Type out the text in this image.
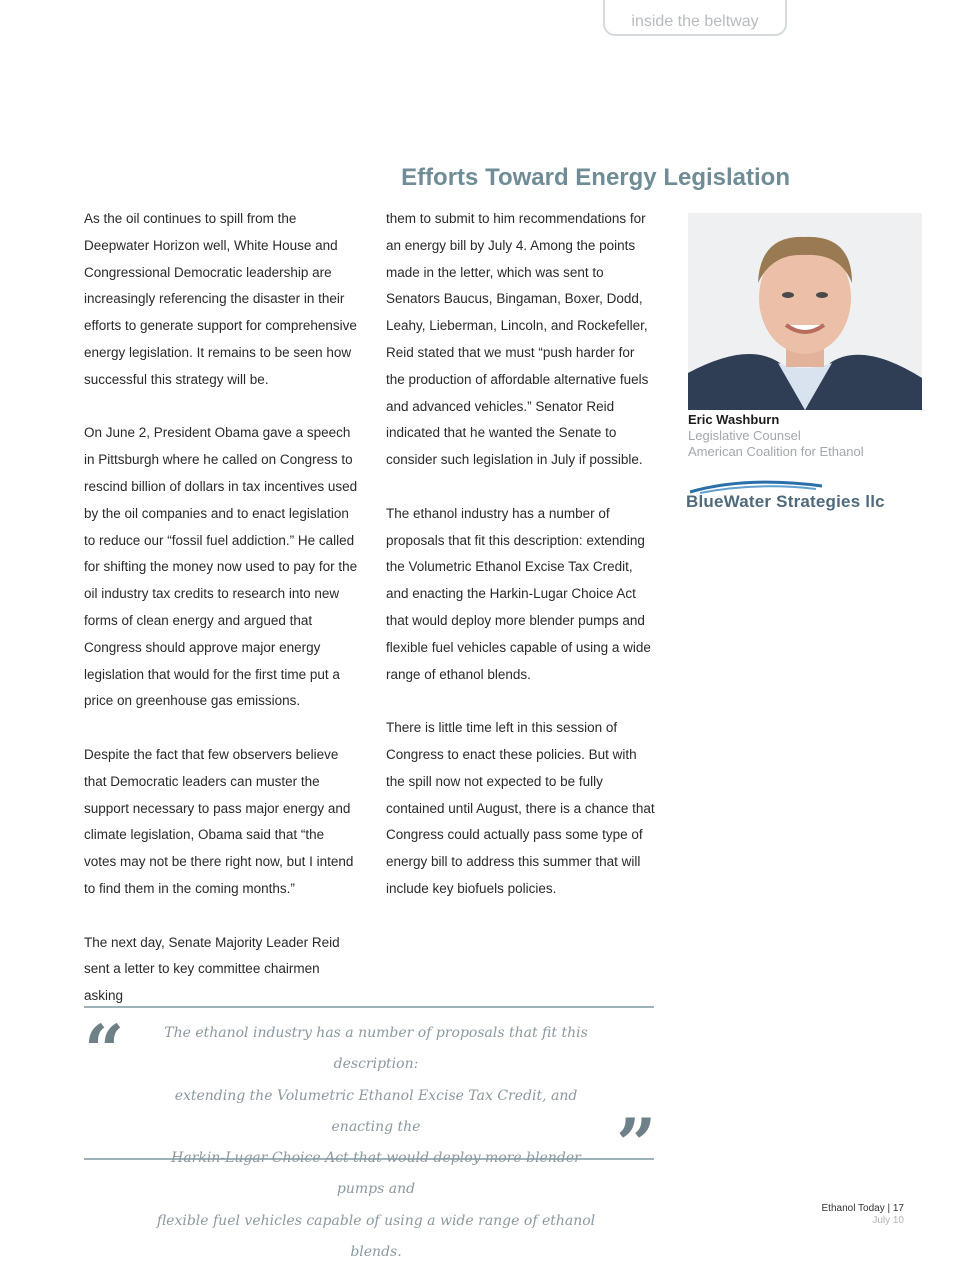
inside the beltway
Efforts Toward Energy Legislation

As the oil continues to spill from the Deepwater Horizon well, White House and Congressional Democratic leadership are increasingly referencing the disaster in their efforts to generate support for comprehensive energy legislation. It remains to be seen how successful this strategy will be.

On June 2, President Obama gave a speech in Pittsburgh where he called on Congress to rescind billion of dollars in tax incentives used by the oil companies and to enact legislation to reduce our “fossil fuel addiction.” He called for shifting the money now used to pay for the oil industry tax credits to research into new forms of clean energy and argued that Congress should approve major energy legislation that would for the first time put a price on greenhouse gas emissions.

Despite the fact that few observers believe that Democratic leaders can muster the support necessary to pass major energy and climate legislation, Obama said that “the votes may not be there right now, but I intend to find them in the coming months.”

The next day, Senate Majority Leader Reid sent a letter to key committee chairmen asking

them to submit to him recommendations for an energy bill by July 4. Among the points made in the letter, which was sent to Senators Baucus, Bingaman, Boxer, Dodd, Leahy, Lieberman, Lincoln, and Rockefeller, Reid stated that we must “push harder for the production of affordable alternative fuels and advanced vehicles.” Senator Reid indicated that he wanted the Senate to consider such legislation in July if possible.

The ethanol industry has a number of proposals that fit this description: extending the Volumetric Ethanol Excise Tax Credit, and enacting the Harkin-Lugar Choice Act that would deploy more blender pumps and flexible fuel vehicles capable of using a wide range of ethanol blends.

There is little time left in this session of Congress to enact these policies. But with the spill now not expected to be fully contained until August, there is a chance that Congress could actually pass some type of energy bill to address this summer that will include key biofuels policies.

Eric Washburn
Legislative Counsel
American Coalition for Ethanol
BlueWater Strategies llc
“	The ethanol industry has a number of proposals that fit this description:
extending the Volumetric Ethanol Excise Tax Credit, and enacting the
Harkin-Lugar Choice Act that would deploy more blender pumps and
flexible fuel vehicles capable of using a wide range of ethanol blends.
”
Ethanol Today | 17
July 10
